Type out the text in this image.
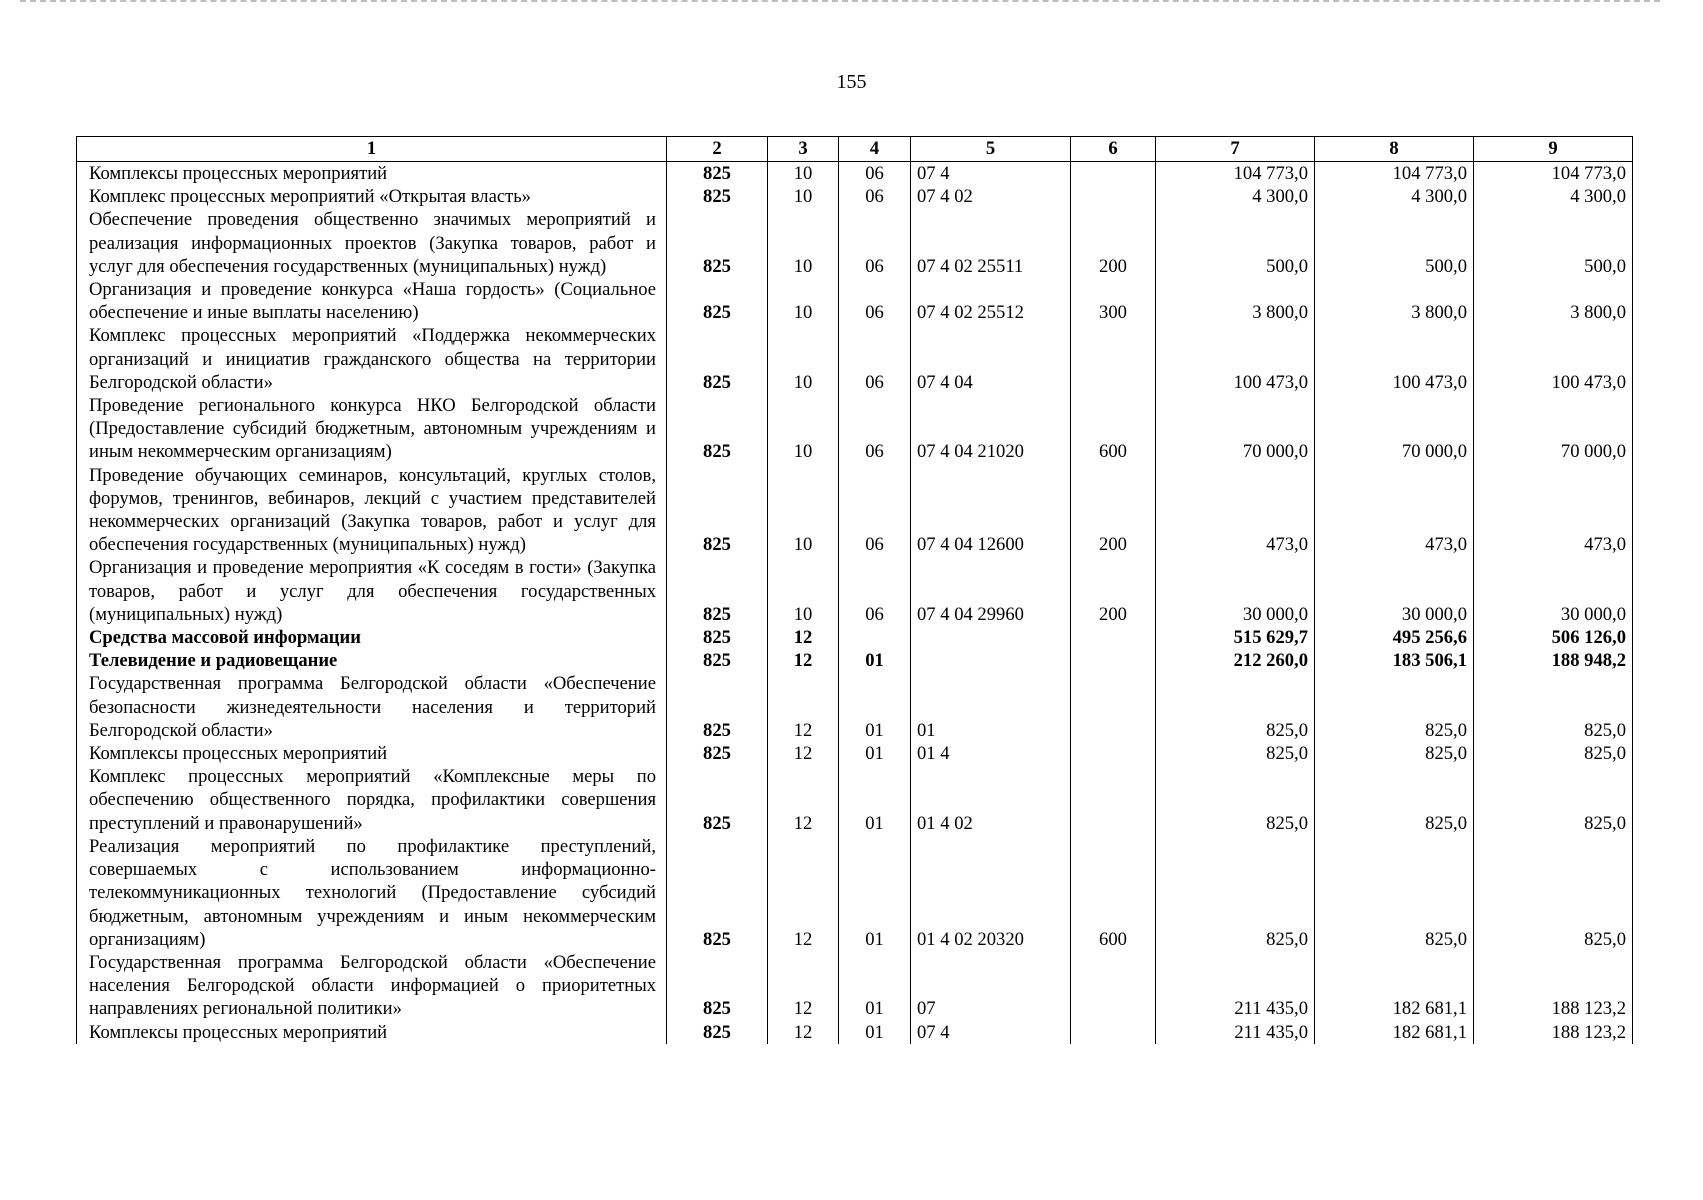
155
1	2	3	4	5	6	7	8	9
Комплексы процессных мероприятий	825	10	06	07 4		104 773,0	104 773,0	104 773,0
Комплекс процессных мероприятий «Открытая власть»	825	10	06	07 4 02		4 300,0	4 300,0	4 300,0
Обеспечение проведения общественно значимых мероприятий и реализация информационных проектов (Закупка товаров, работ и услуг для обеспечения государственных (муниципальных) нужд)	825	10	06	07 4 02 25511	200	500,0	500,0	500,0
Организация и проведение конкурса «Наша гордость» (Социальное обеспечение и иные выплаты населению)	825	10	06	07 4 02 25512	300	3 800,0	3 800,0	3 800,0
Комплекс процессных мероприятий «Поддержка некоммерческих организаций и инициатив гражданского общества на территории Белгородской области»	825	10	06	07 4 04		100 473,0	100 473,0	100 473,0
Проведение регионального конкурса НКО Белгородской области (Предоставление субсидий бюджетным, автономным учреждениям и иным некоммерческим организациям)	825	10	06	07 4 04 21020	600	70 000,0	70 000,0	70 000,0
Проведение обучающих семинаров, консультаций, круглых столов, форумов, тренингов, вебинаров, лекций с участием представителей некоммерческих организаций (Закупка товаров, работ и услуг для обеспечения государственных (муниципальных) нужд)	825	10	06	07 4 04 12600	200	473,0	473,0	473,0
Организация и проведение мероприятия «К соседям в гости» (Закупка товаров, работ и услуг для обеспечения государственных (муниципальных) нужд)	825	10	06	07 4 04 29960	200	30 000,0	30 000,0	30 000,0
Средства массовой информации	825	12				515 629,7	495 256,6	506 126,0
Телевидение и радиовещание	825	12	01			212 260,0	183 506,1	188 948,2
Государственная программа Белгородской области «Обеспечение безопасности жизнедеятельности населения и территорий Белгородской области»	825	12	01	01		825,0	825,0	825,0
Комплексы процессных мероприятий	825	12	01	01 4		825,0	825,0	825,0
Комплекс процессных мероприятий «Комплексные меры по обеспечению общественного порядка, профилактики совершения преступлений и правонарушений»	825	12	01	01 4 02		825,0	825,0	825,0
Реализация мероприятий по профилактике преступлений, совершаемых с использованием информационно-телекоммуникационных технологий (Предоставление субсидий бюджетным, автономным учреждениям и иным некоммерческим организациям)	825	12	01	01 4 02 20320	600	825,0	825,0	825,0
Государственная программа Белгородской области «Обеспечение населения Белгородской области информацией о приоритетных направлениях региональной политики»	825	12	01	07		211 435,0	182 681,1	188 123,2
Комплексы процессных мероприятий	825	12	01	07 4		211 435,0	182 681,1	188 123,2
